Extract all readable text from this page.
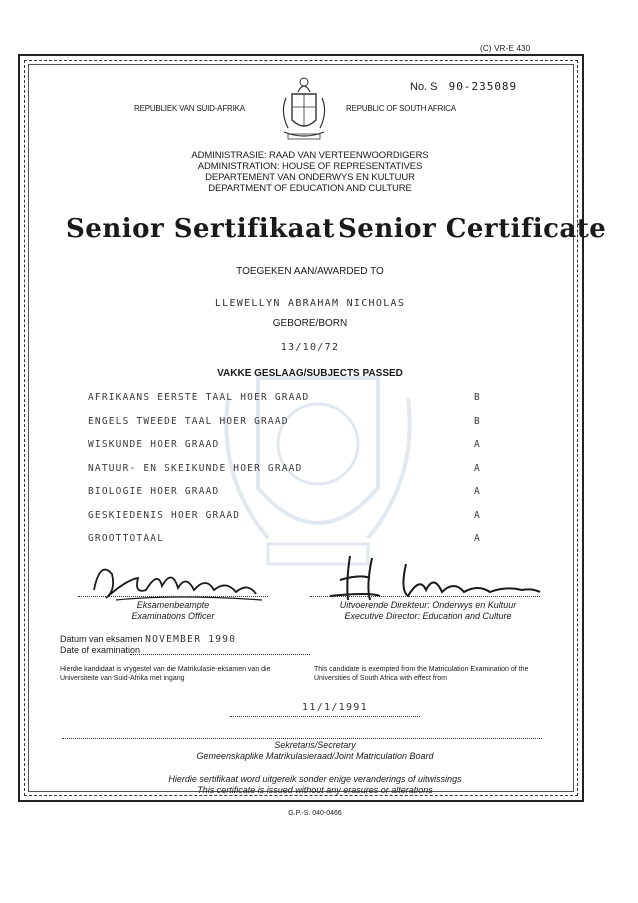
(C) VR-E 430
No. S 90-235089
REPUBLIEK VAN SUID-AFRIKA	REPUBLIC OF SOUTH AFRICA
ADMINISTRASIE: RAAD VAN VERTEENWOORDIGERS
ADMINISTRATION: HOUSE OF REPRESENTATIVES
DEPARTEMENT VAN ONDERWYS EN KULTUUR
DEPARTMENT OF EDUCATION AND CULTURE
Senior Sertifikaat Senior Certificate
TOEGEKEN AAN/AWARDED TO
LLEWELLYN ABRAHAM NICHOLAS
GEBORE/BORN
13/10/72
VAKKE GESLAAG/SUBJECTS PASSED
AFRIKAANS EERSTE TAAL HOER GRAAD	B
ENGELS TWEEDE TAAL HOER GRAAD	B
WISKUNDE HOER GRAAD	A
NATUUR- EN SKEIKUNDE HOER GRAAD	A
BIOLOGIE HOER GRAAD	A
GESKIEDENIS HOER GRAAD	A
GROOTTOTAAL	A
Eksamenbeampte
Examinations Officer
Uitvoerende Direkteur: Onderwys en Kultuur
Executive Director: Education and Culture
Datum van eksamen NOVEMBER 1990
Date of examination
Hierdie kandidaat is vrygestel van die Matrikulasie-eksamen van die Universiteite van Suid-Afrika met ingang
This candidate is exempted from the Matriculation Examination of the Universities of South Africa with effect from
11/1/1991
Sekretaris/Secretary
Gemeenskaplike Matrikulasieraad/Joint Matriculation Board
Hierdie sertifikaat word uitgereik sonder enige veranderings of uitwissings
This certificate is issued without any erasures or alterations
G.P.-S. 040-0466
